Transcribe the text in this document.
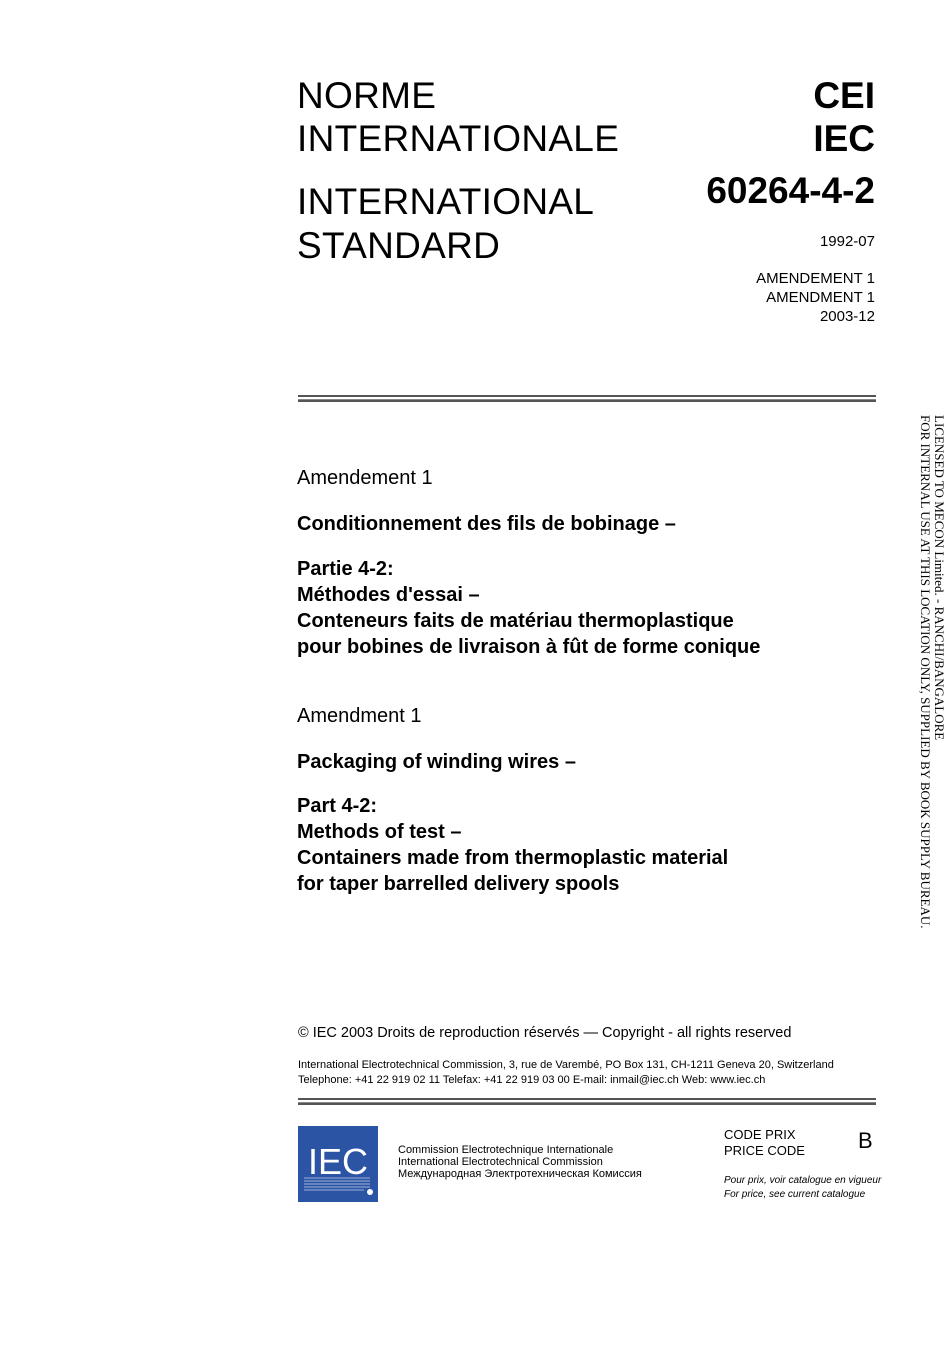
NORME
INTERNATIONALE
INTERNATIONAL
STANDARD
CEI
IEC
60264-4-2
1992-07
AMENDEMENT 1
AMENDMENT 1
2003-12
Amendement 1
Conditionnement des fils de bobinage –
Partie 4-2:
Méthodes d'essai –
Conteneurs faits de matériau thermoplastique
pour bobines de livraison à fût de forme conique
Amendment 1
Packaging of winding wires –
Part 4-2:
Methods of test –
Containers made from thermoplastic material
for taper barrelled delivery spools
LICENSED TO MECON Limited. - RANCHI/BANGALORE
FOR INTERNAL USE AT THIS LOCATION ONLY, SUPPLIED BY BOOK SUPPLY BUREAU.
© IEC 2003 Droits de reproduction réservés — Copyright - all rights reserved
International Electrotechnical Commission, 3, rue de Varembé, PO Box 131, CH-1211 Geneva 20, Switzerland
Telephone: +41 22 919 02 11 Telefax: +41 22 919 03 00 E-mail: inmail@iec.ch Web: www.iec.ch
IEC	Commission Electrotechnique Internationale
International Electrotechnical Commission
Международная Электротехническая Комиссия
CODE PRIX
PRICE CODE B
Pour prix, voir catalogue en vigueur
For price, see current catalogue
